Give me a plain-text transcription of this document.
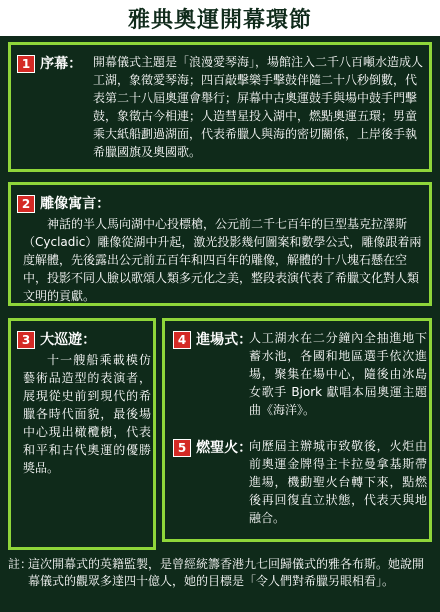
雅典奧運開幕環節
1 序幕： 開幕儀式主題是「浪漫愛琴海」，場館注入二千八百噸水造成人工湖，象徵愛琴海；四百敲擊樂手擊鼓伴隨二十八秒倒數，代表第二十八屆奧運會舉行；屏幕中古奧運鼓手與場中鼓手門擊鼓，象徵古今相連；人造彗星投入湖中，燃點奧運五環；男童乘大紙船劃過湖面，代表希臘人與海的密切關係，上岸後手執希臘國旗及奧國歌。
2 雕像寓言：
神話的半人馬向湖中心投標槍，公元前二千七百年的巨型基克拉澤斯（Cycladic）雕像從湖中升起，激光投影幾何圖案和數學公式，雕像跟着兩度解體，先後露出公元前五百年和四百年的雕像，解體的十八塊石懸在空中，投影不同人臉以歌頌人類多元化之美，整段表演代表了希臘文化對人類文明的貢獻。
3 大巡遊：
十一艘船乘載模仿藝術品造型的表演者，展現從史前到現代的希臘各時代面貌，最後場中心現出橄欖樹，代表和平和古代奧運的優勝獎品。
4 進場式：
人工湖水在二分鐘內全抽進地下蓄水池，各國和地區選手依次進場，聚集在場中心，隨後由冰島女歌手 Bjork 獻唱本屆奧運主題曲《海洋》。
5 燃聖火：
向歷屆主辦城市致敬後，火炬由前奧運金牌得主卡拉曼拿基斯帶進場，機動聖火台轉下來，點燃後再回復直立狀態，代表天與地融合。
註：
這次開幕式的英籍監製，是曾經統籌香港九七回歸儀式的雅各布斯。她說開幕儀式的觀眾多達四十億人，她的目標是「令人們對希臘另眼相看」。
